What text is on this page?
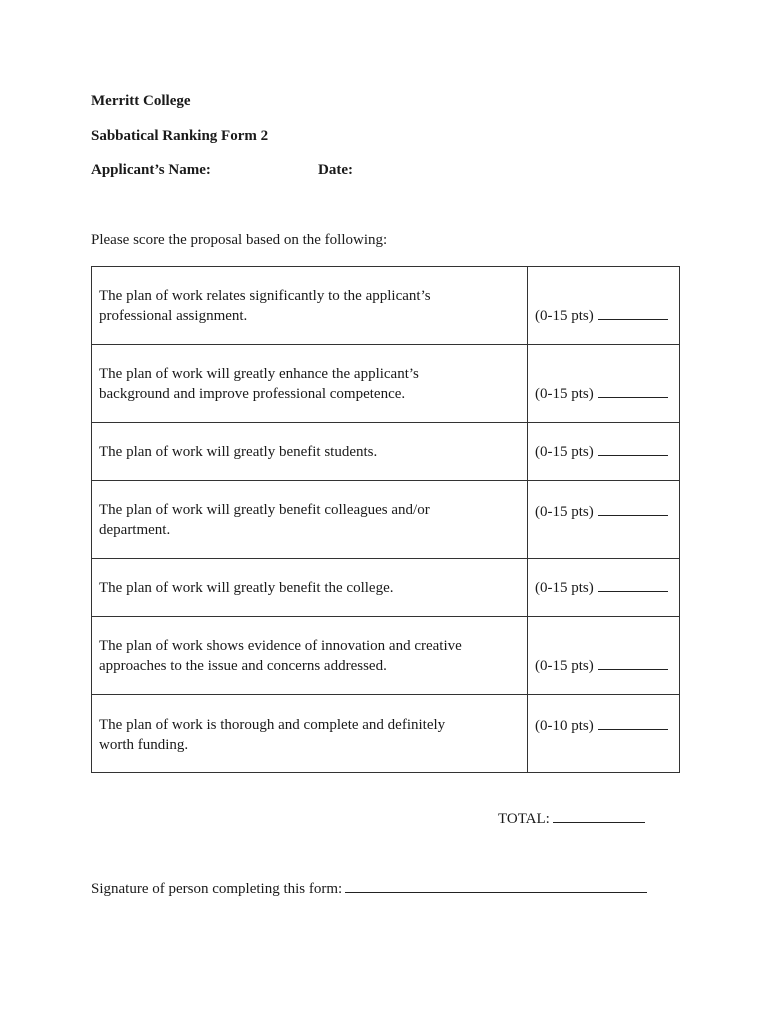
Merritt College
Sabbatical Ranking Form 2
Applicant’s Name:	Date:
Please score the proposal based on the following:
The plan of work relates significantly to the applicant’s
professional assignment.	(0-15 pts)
The plan of work will greatly enhance the applicant’s
background and improve professional competence.	(0-15 pts)
The plan of work will greatly benefit students.	(0-15 pts)
The plan of work will greatly benefit colleagues and/or
department.	(0-15 pts)
The plan of work will greatly benefit the college.	(0-15 pts)
The plan of work shows evidence of innovation and creative
approaches to the issue and concerns addressed.	(0-15 pts)
The plan of work is thorough and complete and definitely
worth funding.	(0-10 pts)
TOTAL:
Signature of person completing this form:
